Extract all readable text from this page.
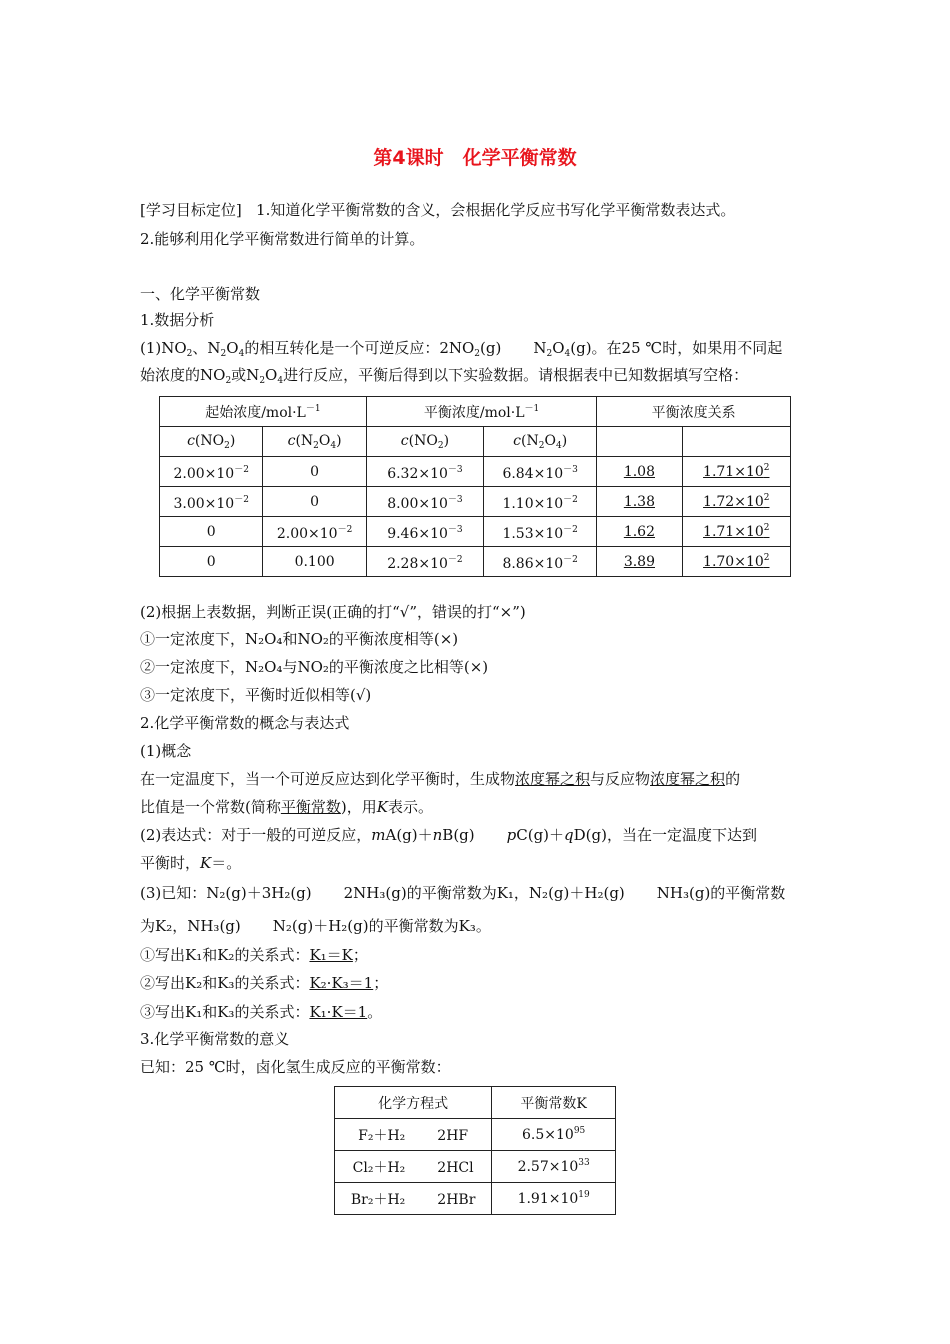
第4课时　化学平衡常数
[学习目标定位] 1.知道化学平衡常数的含义，会根据化学反应书写化学平衡常数表达式。
2.能够利用化学平衡常数进行简单的计算。
一、化学平衡常数
1.数据分析
$(1)NO_2$、$N_2O_4$的相互转化是一个可逆反应：$2NO_2(g)$ $N_2O_4(g)$。在25 ℃时，如果用不同起
始浓度的$NO_2$或$N_2O_4$进行反应，平衡后得到以下实验数据。请根据表中已知数据填写空格：
起始浓度$/mol\cdot L^{-1}$		平衡浓度$/mol\cdot L^{-1}$		平衡浓度关系	
$c(NO_2)$	$c(N_2O_4)$	$c(NO_2)$	$c(N_2O_4)$		
$2.00\times 10^{-2}$	0	$6.32\times 10^{-3}$	$6.84\times 10^{-3}$	1.08	$1.71\times 10^2$
$3.00\times 10^{-2}$	0	$8.00\times 10^{-3}$	$1.10\times 10^{-2}$	1.38	$1.72\times 10^2$
0	$2.00\times 10^{-2}$	$9.46\times 10^{-3}$	$1.53\times 10^{-2}$	1.62	$1.71\times 10^2$
0	0.100	$2.28\times 10^{-2}$	$8.86\times 10^{-2}$	3.89	$1.70\times 10^2$
(2)根据上表数据，判断正误(正确的打“√”，错误的打“×”)
①一定浓度下，N₂O₄和NO₂的平衡浓度相等(×)
②一定浓度下，N₂O₄与NO₂的平衡浓度之比相等(×)
③一定浓度下，平衡时近似相等(√)
2.化学平衡常数的概念与表达式
(1)概念
在一定温度下，当一个可逆反应达到化学平衡时，生成物浓度幂之积与反应物浓度幂之积的
比值是一个常数(简称平衡常数)，用K表示。
(2)表达式：对于一般的可逆反应，mA(g)＋nB(g) pC(g)＋qD(g)，当在一定温度下达到
平衡时，K＝。
(3)已知：N₂(g)＋3H₂(g) 2NH₃(g)的平衡常数为K₁，N₂(g)＋H₂(g) NH₃(g)的平衡常数
为K₂，NH₃(g) N₂(g)＋H₂(g)的平衡常数为K₃。
①写出K₁和K₂的关系式：K₁＝K；
②写出K₂和K₃的关系式：K₂·K₃＝1；
③写出K₁和K₃的关系式：K₁·K＝1。
3.化学平衡常数的意义
已知：25 ℃时，卤化氢生成反应的平衡常数：
化学方程式	平衡常数K
F₂＋H₂ 2HF	$6.5\times 10^{95}$
Cl₂＋H₂ 2HCl	$2.57\times 10^{33}$
Br₂＋H₂ 2HBr	$1.91\times 10^{19}$
